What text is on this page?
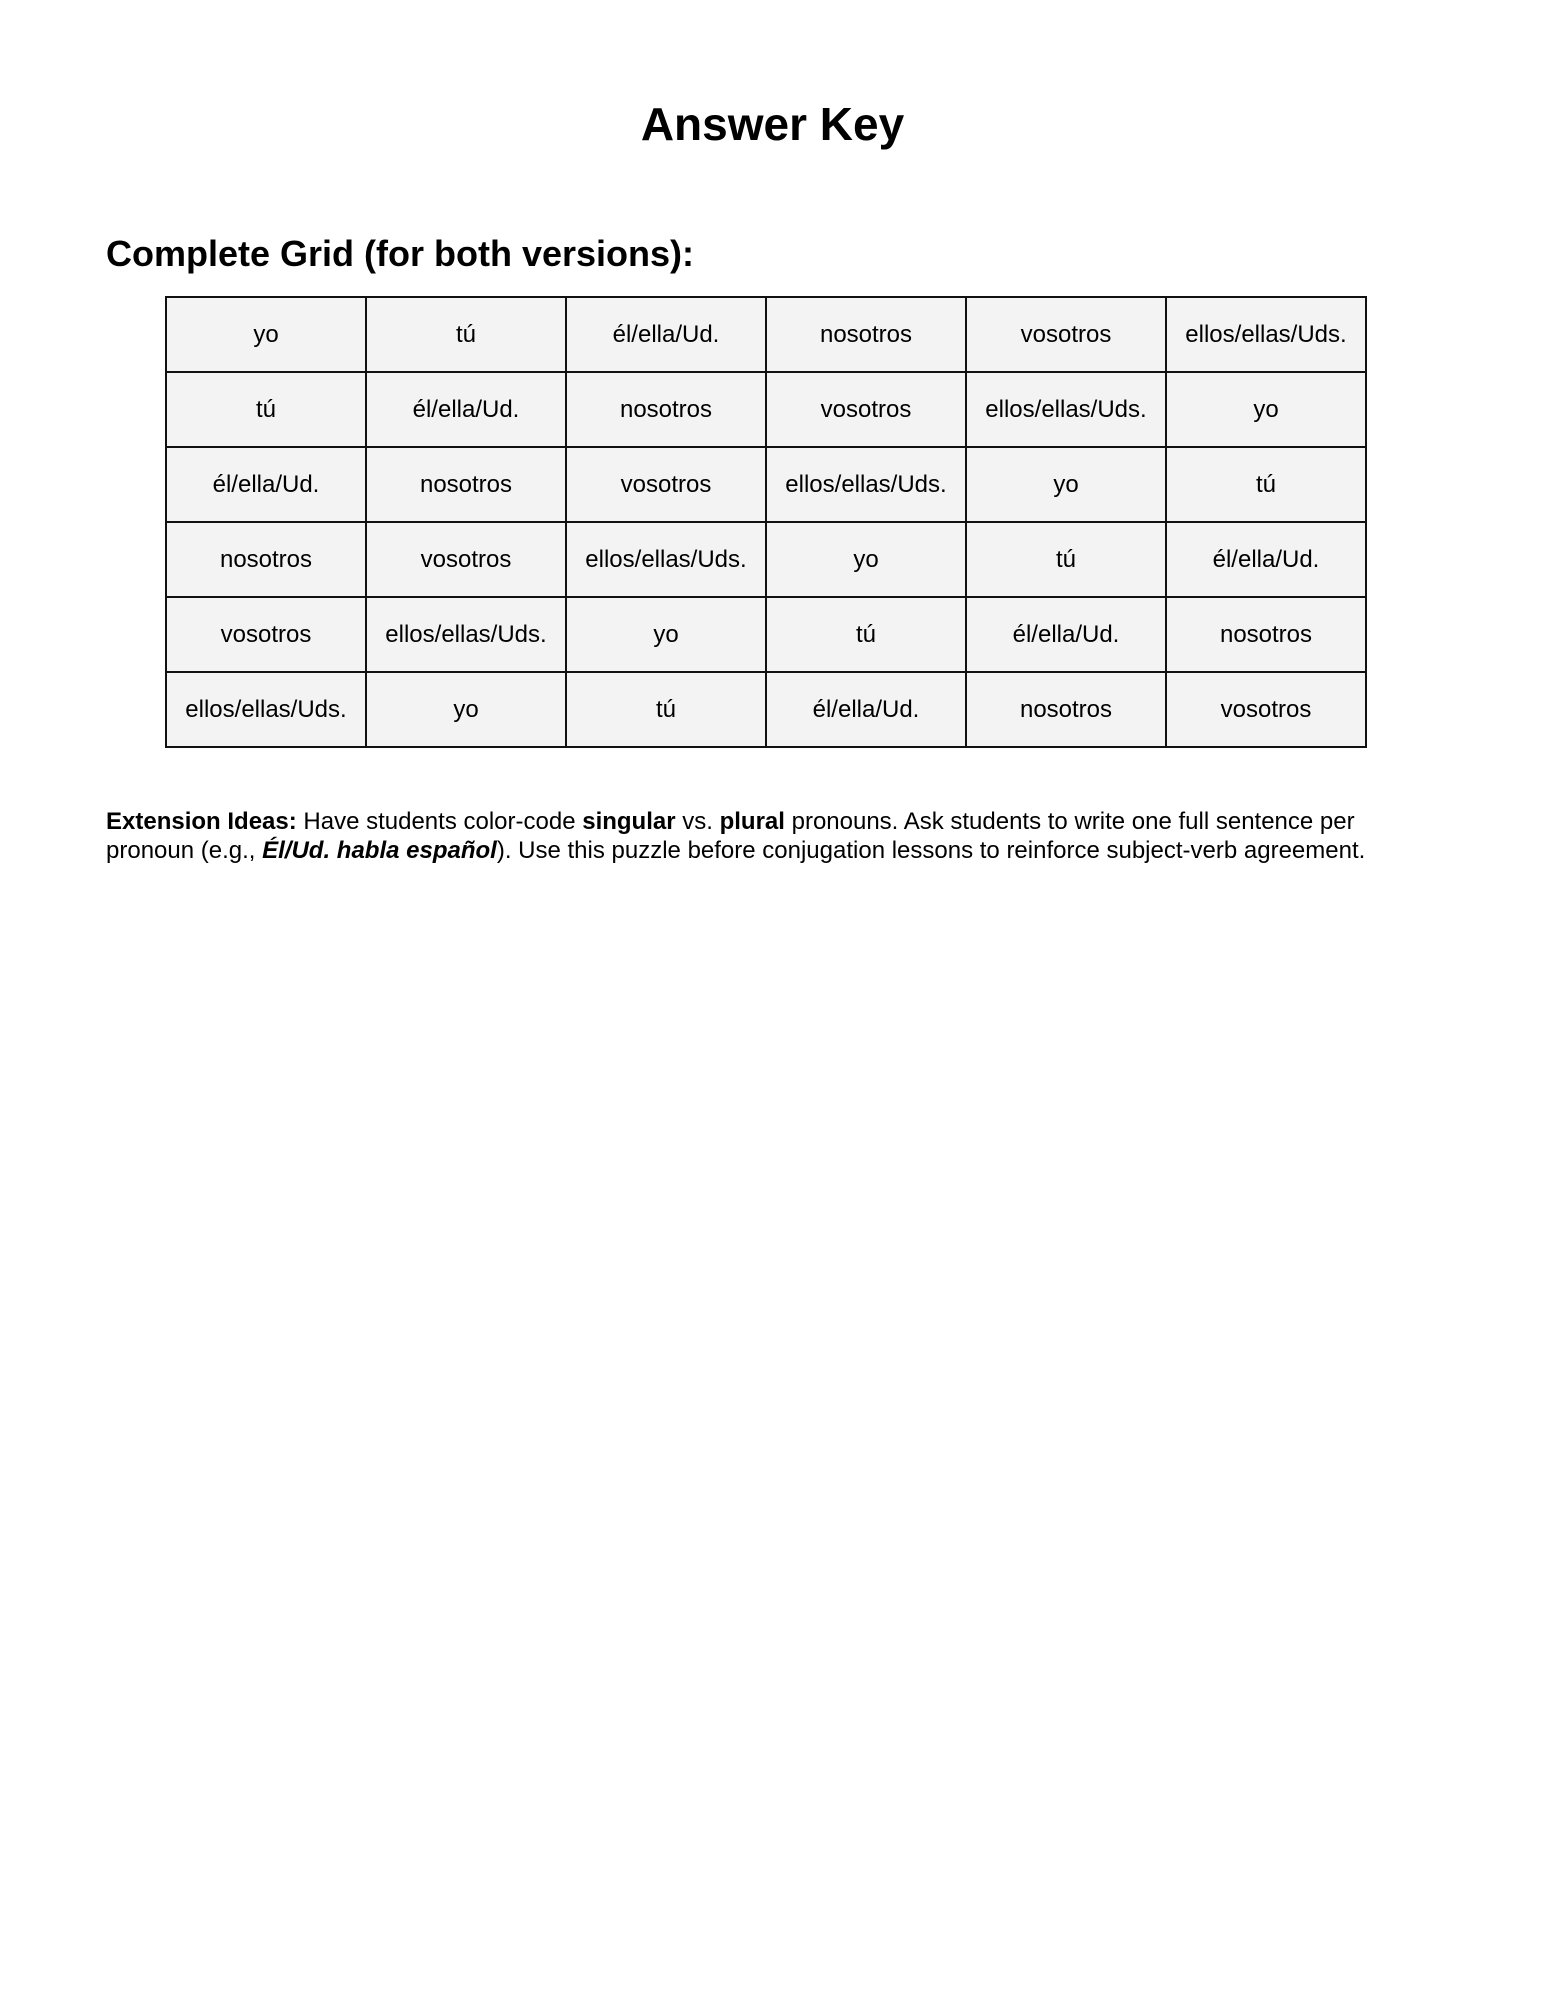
Answer Key
Complete Grid (for both versions):
yo	tú	él/ella/Ud.	nosotros	vosotros	ellos/ellas/Uds.
tú	él/ella/Ud.	nosotros	vosotros	ellos/ellas/Uds.	yo
él/ella/Ud.	nosotros	vosotros	ellos/ellas/Uds.	yo	tú
nosotros	vosotros	ellos/ellas/Uds.	yo	tú	él/ella/Ud.
vosotros	ellos/ellas/Uds.	yo	tú	él/ella/Ud.	nosotros
ellos/ellas/Uds.	yo	tú	él/ella/Ud.	nosotros	vosotros

Extension Ideas: Have students color-code singular vs. plural pronouns. Ask students to write one full sentence per pronoun (e.g., Él/Ud. habla español). Use this puzzle before conjugation lessons to reinforce subject-verb agreement.
